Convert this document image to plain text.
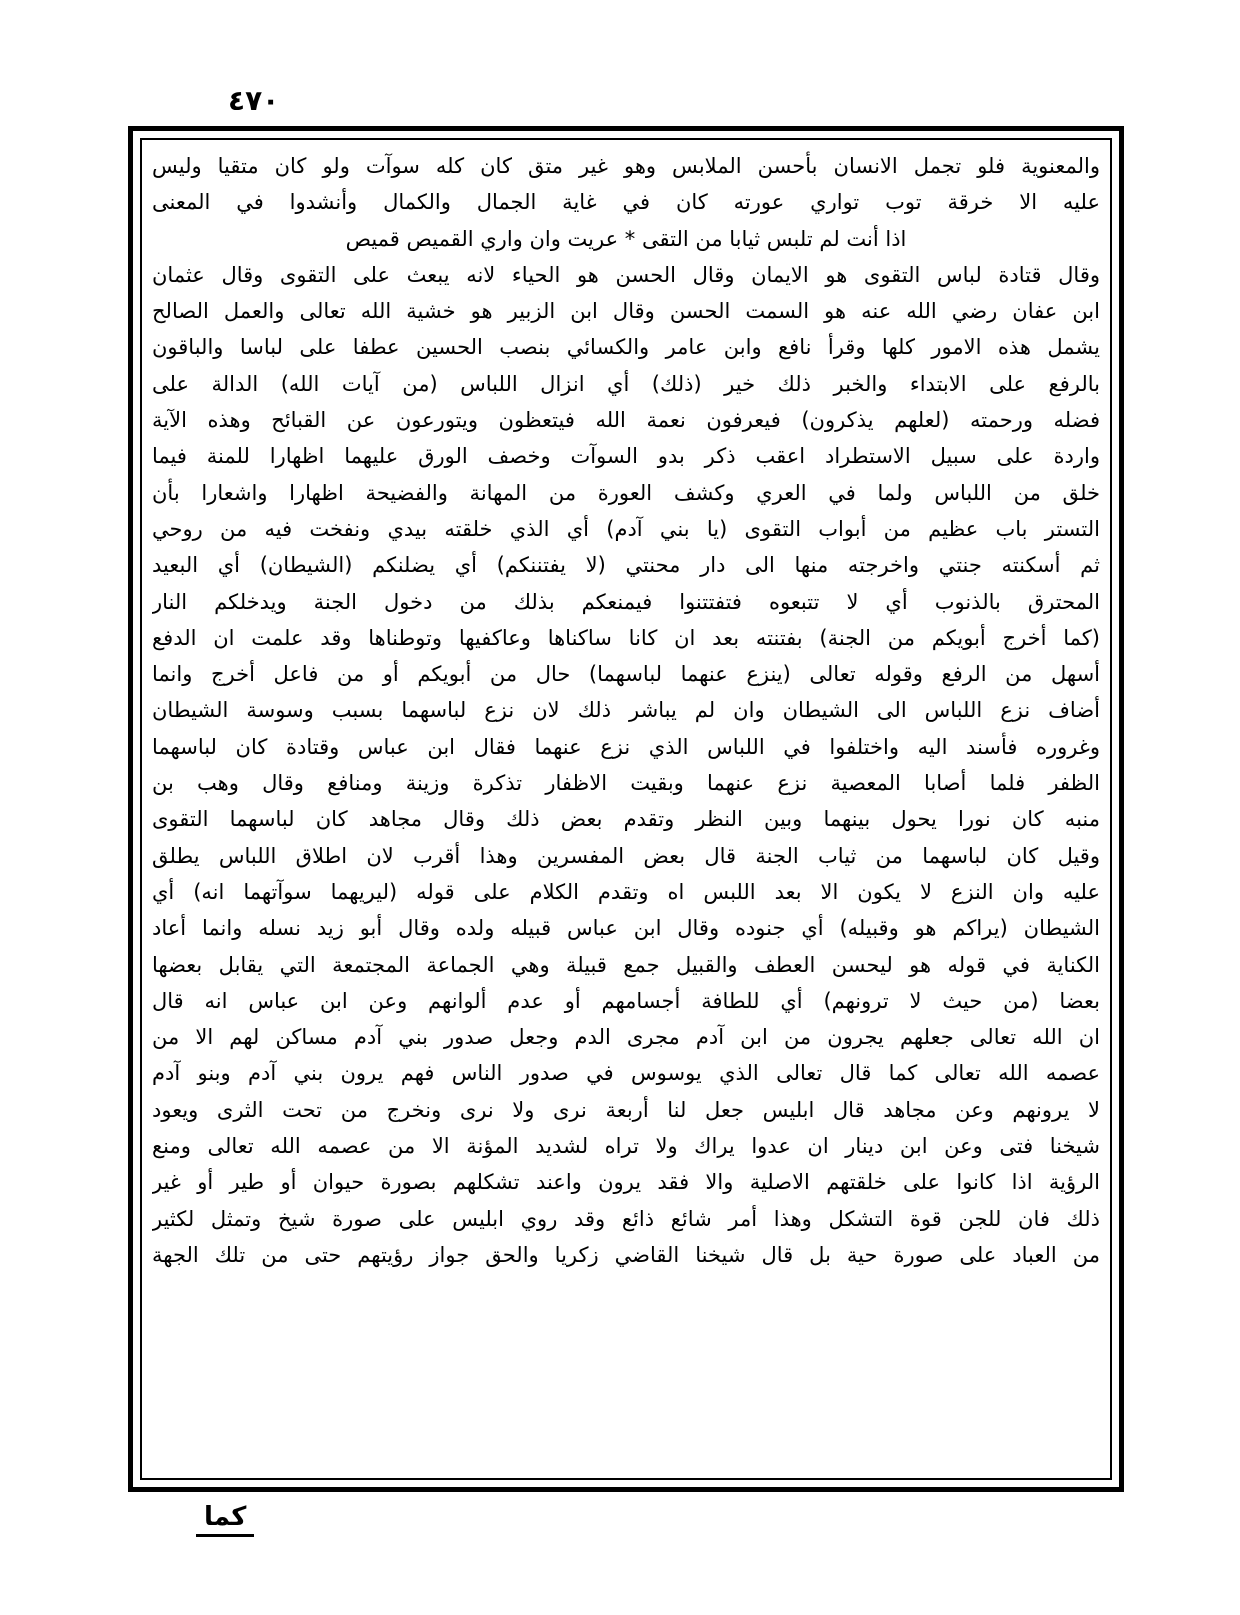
٤٧٠
والمعنوية فلو تجمل الانسان بأحسن الملابس وهو غير متق كان كله سوآت ولو كان متقيا وليس
عليه الا خرقة توب تواري عورته كان في غاية الجمال والكمال وأنشدوا في المعنى
اذا أنت لم تلبس ثيابا من التقى * عريت وان واري القميص قميص
وقال قتادة لباس التقوى هو الايمان وقال الحسن هو الحياء لانه يبعث على التقوى وقال عثمان
ابن عفان رضي الله عنه هو السمت الحسن وقال ابن الزبير هو خشية الله تعالى والعمل الصالح
يشمل هذه الامور كلها وقرأ نافع وابن عامر والكسائي بنصب الحسين عطفا على لباسا والباقون
بالرفع على الابتداء والخبر ذلك خير (ذلك) أي انزال اللباس (من آيات الله) الدالة على
فضله ورحمته (لعلهم يذكرون) فيعرفون نعمة الله فيتعظون ويتورعون عن القبائح وهذه الآية
واردة على سبيل الاستطراد اعقب ذكر بدو السوآت وخصف الورق عليهما اظهارا للمنة فيما
خلق من اللباس ولما في العري وكشف العورة من المهانة والفضيحة اظهارا واشعارا بأن
التستر باب عظيم من أبواب التقوى (يا بني آدم) أي الذي خلقته بيدي ونفخت فيه من روحي
ثم أسكنته جنتي واخرجته منها الى دار محنتي (لا يفتننكم) أي يضلنكم (الشيطان) أي البعيد
المحترق بالذنوب أي لا تتبعوه فتفتتنوا فيمنعكم بذلك من دخول الجنة ويدخلكم النار
(كما أخرج أبويكم من الجنة) بفتنته بعد ان كانا ساكناها وعاكفيها وتوطناها وقد علمت ان الدفع
أسهل من الرفع وقوله تعالى (ينزع عنهما لباسهما) حال من أبويكم أو من فاعل أخرج وانما
أضاف نزع اللباس الى الشيطان وان لم يباشر ذلك لان نزع لباسهما بسبب وسوسة الشيطان
وغروره فأسند اليه واختلفوا في اللباس الذي نزع عنهما فقال ابن عباس وقتادة كان لباسهما
الظفر فلما أصابا المعصية نزع عنهما وبقيت الاظفار تذكرة وزينة ومنافع وقال وهب بن
منبه كان نورا يحول بينهما وبين النظر وتقدم بعض ذلك وقال مجاهد كان لباسهما التقوى
وقيل كان لباسهما من ثياب الجنة قال بعض المفسرين وهذا أقرب لان اطلاق اللباس يطلق
عليه وان النزع لا يكون الا بعد اللبس اه وتقدم الكلام على قوله (ليريهما سوآتهما انه) أي
الشيطان (يراكم هو وقبيله) أي جنوده وقال ابن عباس قبيله ولده وقال أبو زيد نسله وانما أعاد
الكناية في قوله هو ليحسن العطف والقبيل جمع قبيلة وهي الجماعة المجتمعة التي يقابل بعضها
بعضا (من حيث لا ترونهم) أي للطافة أجسامهم أو عدم ألوانهم وعن ابن عباس انه قال
ان الله تعالى جعلهم يجرون من ابن آدم مجرى الدم وجعل صدور بني آدم مساكن لهم الا من
عصمه الله تعالى كما قال تعالى الذي يوسوس في صدور الناس فهم يرون بني آدم وبنو آدم
لا يرونهم وعن مجاهد قال ابليس جعل لنا أربعة نرى ولا نرى ونخرج من تحت الثرى ويعود
شيخنا فتى وعن ابن دينار ان عدوا يراك ولا تراه لشديد المؤنة الا من عصمه الله تعالى ومنع
الرؤية اذا كانوا على خلقتهم الاصلية والا فقد يرون واعند تشكلهم بصورة حيوان أو طير أو غير
ذلك فان للجن قوة التشكل وهذا أمر شائع ذائع وقد روي ابليس على صورة شيخ وتمثل لكثير
من العباد على صورة حية بل قال شيخنا القاضي زكريا والحق جواز رؤيتهم حتى من تلك الجهة
كما
